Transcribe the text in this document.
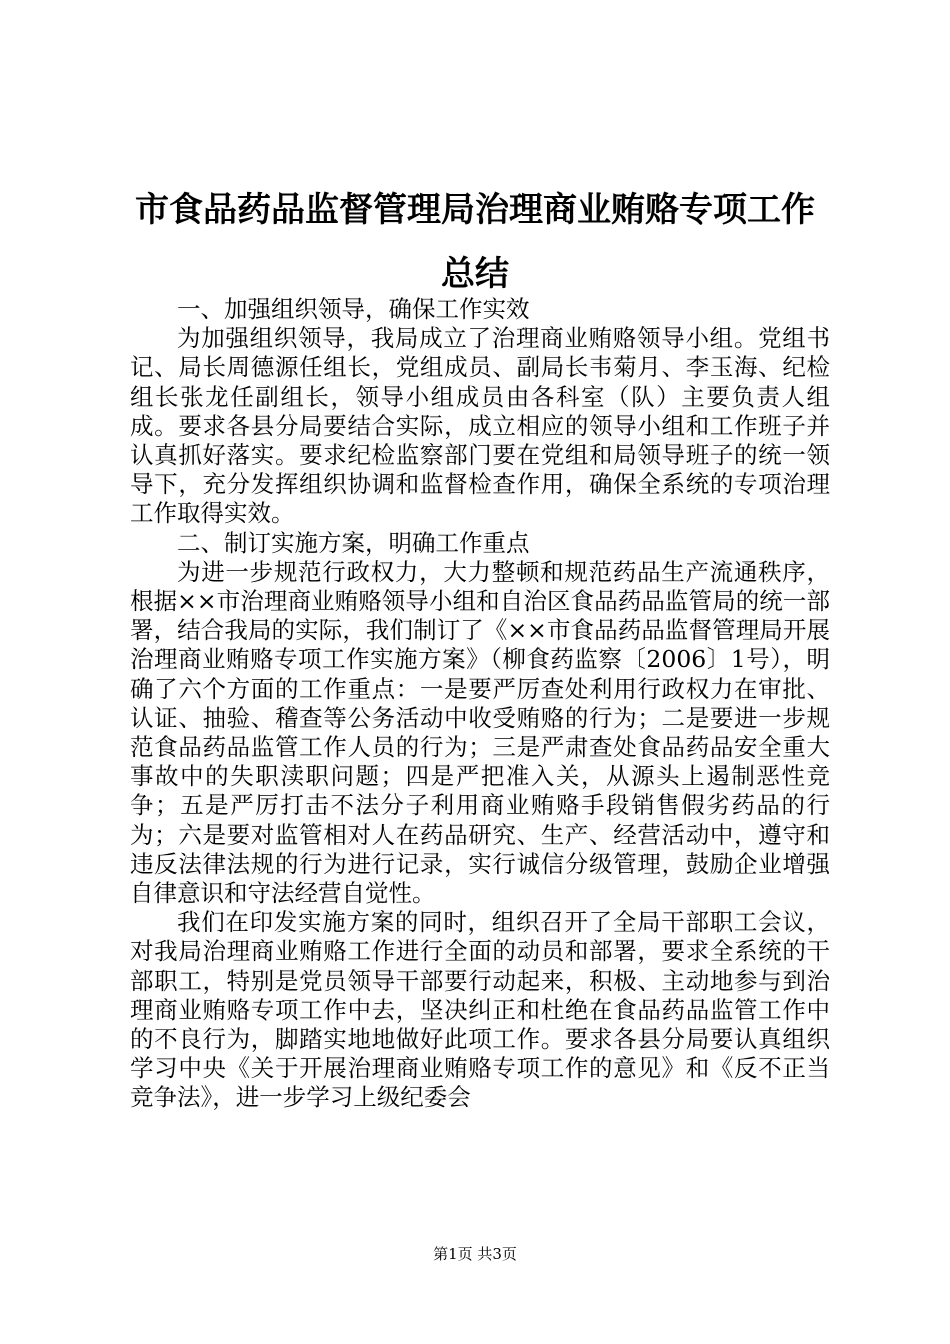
市食品药品监督管理局治理商业贿赂专项工作
总结

一、加强组织领导，确保工作实效

为加强组织领导，我局成立了治理商业贿赂领导小组。党组书记、局长周德源任组长，党组成员、副局长韦菊月、李玉海、纪检组长张龙任副组长，领导小组成员由各科室（队）主要负责人组成。要求各县分局要结合实际，成立相应的领导小组和工作班子并认真抓好落实。要求纪检监察部门要在党组和局领导班子的统一领导下，充分发挥组织协调和监督检查作用，确保全系统的专项治理工作取得实效。

二、制订实施方案，明确工作重点

为进一步规范行政权力，大力整顿和规范药品生产流通秩序，根据××市治理商业贿赂领导小组和自治区食品药品监管局的统一部署，结合我局的实际，我们制订了《××市食品药品监督管理局开展治理商业贿赂专项工作实施方案》（柳食药监察〔2006〕1号），明确了六个方面的工作重点：一是要严厉查处利用行政权力在审批、认证、抽验、稽查等公务活动中收受贿赂的行为；二是要进一步规范食品药品监管工作人员的行为；三是严肃查处食品药品安全重大事故中的失职渎职问题；四是严把准入关，从源头上遏制恶性竞争；五是严厉打击不法分子利用商业贿赂手段销售假劣药品的行为；六是要对监管相对人在药品研究、生产、经营活动中，遵守和违反法律法规的行为进行记录，实行诚信分级管理，鼓励企业增强自律意识和守法经营自觉性。

我们在印发实施方案的同时，组织召开了全局干部职工会议，对我局治理商业贿赂工作进行全面的动员和部署，要求全系统的干部职工，特别是党员领导干部要行动起来，积极、主动地参与到治理商业贿赂专项工作中去，坚决纠正和杜绝在食品药品监管工作中的不良行为，脚踏实地地做好此项工作。要求各县分局要认真组织学习中央《关于开展治理商业贿赂专项工作的意见》和《反不正当竞争法》，进一步学习上级纪委会

第1页 共3页
